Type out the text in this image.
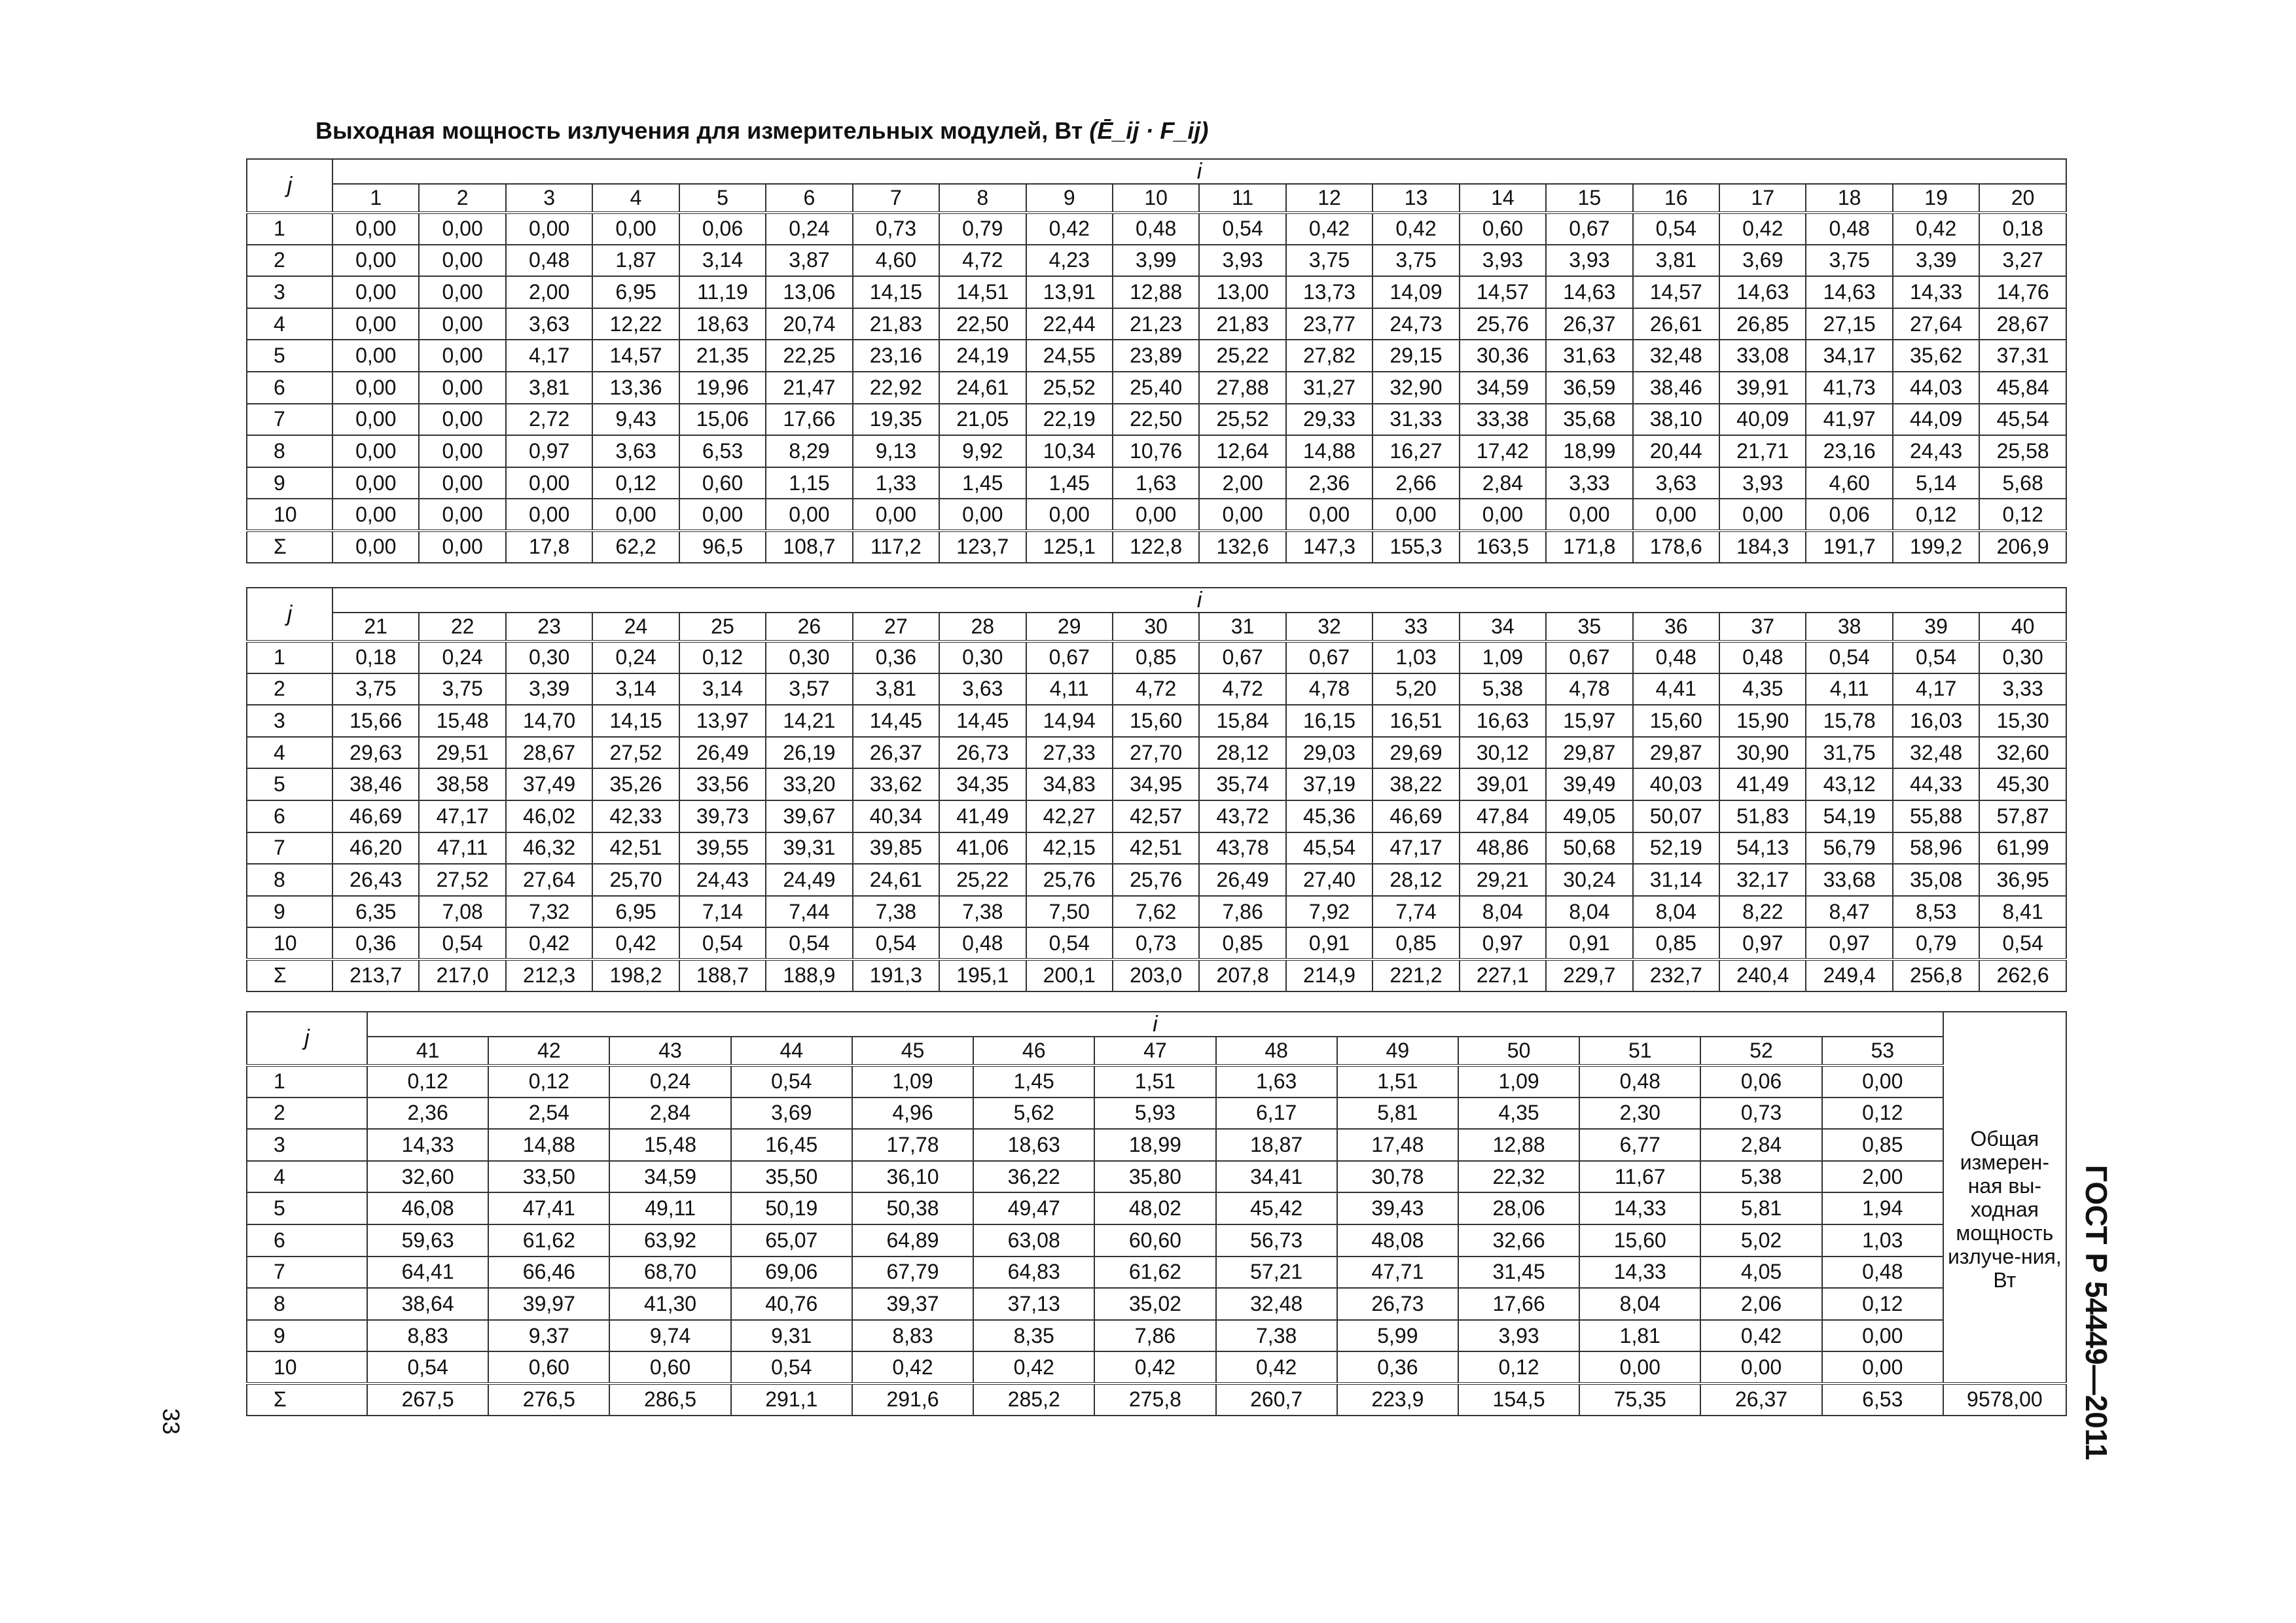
Выходная мощность излучения для измерительных модулей, Вт (Ē_ij · F_ij)
j	i																			
	1	2	3	4	5	6	7	8	9	10	11	12	13	14	15	16	17	18	19	20
1	0,00	0,00	0,00	0,00	0,06	0,24	0,73	0,79	0,42	0,48	0,54	0,42	0,42	0,60	0,67	0,54	0,42	0,48	0,42	0,18
2	0,00	0,00	0,48	1,87	3,14	3,87	4,60	4,72	4,23	3,99	3,93	3,75	3,75	3,93	3,93	3,81	3,69	3,75	3,39	3,27
3	0,00	0,00	2,00	6,95	11,19	13,06	14,15	14,51	13,91	12,88	13,00	13,73	14,09	14,57	14,63	14,57	14,63	14,63	14,33	14,76
4	0,00	0,00	3,63	12,22	18,63	20,74	21,83	22,50	22,44	21,23	21,83	23,77	24,73	25,76	26,37	26,61	26,85	27,15	27,64	28,67
5	0,00	0,00	4,17	14,57	21,35	22,25	23,16	24,19	24,55	23,89	25,22	27,82	29,15	30,36	31,63	32,48	33,08	34,17	35,62	37,31
6	0,00	0,00	3,81	13,36	19,96	21,47	22,92	24,61	25,52	25,40	27,88	31,27	32,90	34,59	36,59	38,46	39,91	41,73	44,03	45,84
7	0,00	0,00	2,72	9,43	15,06	17,66	19,35	21,05	22,19	22,50	25,52	29,33	31,33	33,38	35,68	38,10	40,09	41,97	44,09	45,54
8	0,00	0,00	0,97	3,63	6,53	8,29	9,13	9,92	10,34	10,76	12,64	14,88	16,27	17,42	18,99	20,44	21,71	23,16	24,43	25,58
9	0,00	0,00	0,00	0,12	0,60	1,15	1,33	1,45	1,45	1,63	2,00	2,36	2,66	2,84	3,33	3,63	3,93	4,60	5,14	5,68
10	0,00	0,00	0,00	0,00	0,00	0,00	0,00	0,00	0,00	0,00	0,00	0,00	0,00	0,00	0,00	0,00	0,00	0,06	0,12	0,12
Σ	0,00	0,00	17,8	62,2	96,5	108,7	117,2	123,7	125,1	122,8	132,6	147,3	155,3	163,5	171,8	178,6	184,3	191,7	199,2	206,9
j	i																			
	21	22	23	24	25	26	27	28	29	30	31	32	33	34	35	36	37	38	39	40
1	0,18	0,24	0,30	0,24	0,12	0,30	0,36	0,30	0,67	0,85	0,67	0,67	1,03	1,09	0,67	0,48	0,48	0,54	0,54	0,30
2	3,75	3,75	3,39	3,14	3,14	3,57	3,81	3,63	4,11	4,72	4,72	4,78	5,20	5,38	4,78	4,41	4,35	4,11	4,17	3,33
3	15,66	15,48	14,70	14,15	13,97	14,21	14,45	14,45	14,94	15,60	15,84	16,15	16,51	16,63	15,97	15,60	15,90	15,78	16,03	15,30
4	29,63	29,51	28,67	27,52	26,49	26,19	26,37	26,73	27,33	27,70	28,12	29,03	29,69	30,12	29,87	29,87	30,90	31,75	32,48	32,60
5	38,46	38,58	37,49	35,26	33,56	33,20	33,62	34,35	34,83	34,95	35,74	37,19	38,22	39,01	39,49	40,03	41,49	43,12	44,33	45,30
6	46,69	47,17	46,02	42,33	39,73	39,67	40,34	41,49	42,27	42,57	43,72	45,36	46,69	47,84	49,05	50,07	51,83	54,19	55,88	57,87
7	46,20	47,11	46,32	42,51	39,55	39,31	39,85	41,06	42,15	42,51	43,78	45,54	47,17	48,86	50,68	52,19	54,13	56,79	58,96	61,99
8	26,43	27,52	27,64	25,70	24,43	24,49	24,61	25,22	25,76	25,76	26,49	27,40	28,12	29,21	30,24	31,14	32,17	33,68	35,08	36,95
9	6,35	7,08	7,32	6,95	7,14	7,44	7,38	7,38	7,50	7,62	7,86	7,92	7,74	8,04	8,04	8,04	8,22	8,47	8,53	8,41
10	0,36	0,54	0,42	0,42	0,54	0,54	0,54	0,48	0,54	0,73	0,85	0,91	0,85	0,97	0,91	0,85	0,97	0,97	0,79	0,54
Σ	213,7	217,0	212,3	198,2	188,7	188,9	191,3	195,1	200,1	203,0	207,8	214,9	221,2	227,1	229,7	232,7	240,4	249,4	256,8	262,6
j	i													
	41	42	43	44	45	46	47	48	49	50	51	52	53	Общая измерен-ная вы-ходная мощность излуче-ния, Вт
1	0,12	0,12	0,24	0,54	1,09	1,45	1,51	1,63	1,51	1,09	0,48	0,06	0,00	
2	2,36	2,54	2,84	3,69	4,96	5,62	5,93	6,17	5,81	4,35	2,30	0,73	0,12	
3	14,33	14,88	15,48	16,45	17,78	18,63	18,99	18,87	17,48	12,88	6,77	2,84	0,85	
4	32,60	33,50	34,59	35,50	36,10	36,22	35,80	34,41	30,78	22,32	11,67	5,38	2,00	
5	46,08	47,41	49,11	50,19	50,38	49,47	48,02	45,42	39,43	28,06	14,33	5,81	1,94	
6	59,63	61,62	63,92	65,07	64,89	63,08	60,60	56,73	48,08	32,66	15,60	5,02	1,03	
7	64,41	66,46	68,70	69,06	67,79	64,83	61,62	57,21	47,71	31,45	14,33	4,05	0,48	
8	38,64	39,97	41,30	40,76	39,37	37,13	35,02	32,48	26,73	17,66	8,04	2,06	0,12	
9	8,83	9,37	9,74	9,31	8,83	8,35	7,86	7,38	5,99	3,93	1,81	0,42	0,00	
10	0,54	0,60	0,60	0,54	0,42	0,42	0,42	0,42	0,36	0,12	0,00	0,00	0,00	
Σ	267,5	276,5	286,5	291,1	291,6	285,2	275,8	260,7	223,9	154,5	75,35	26,37	6,53	9578,00 ГОСТ Р 54449—2011
33
